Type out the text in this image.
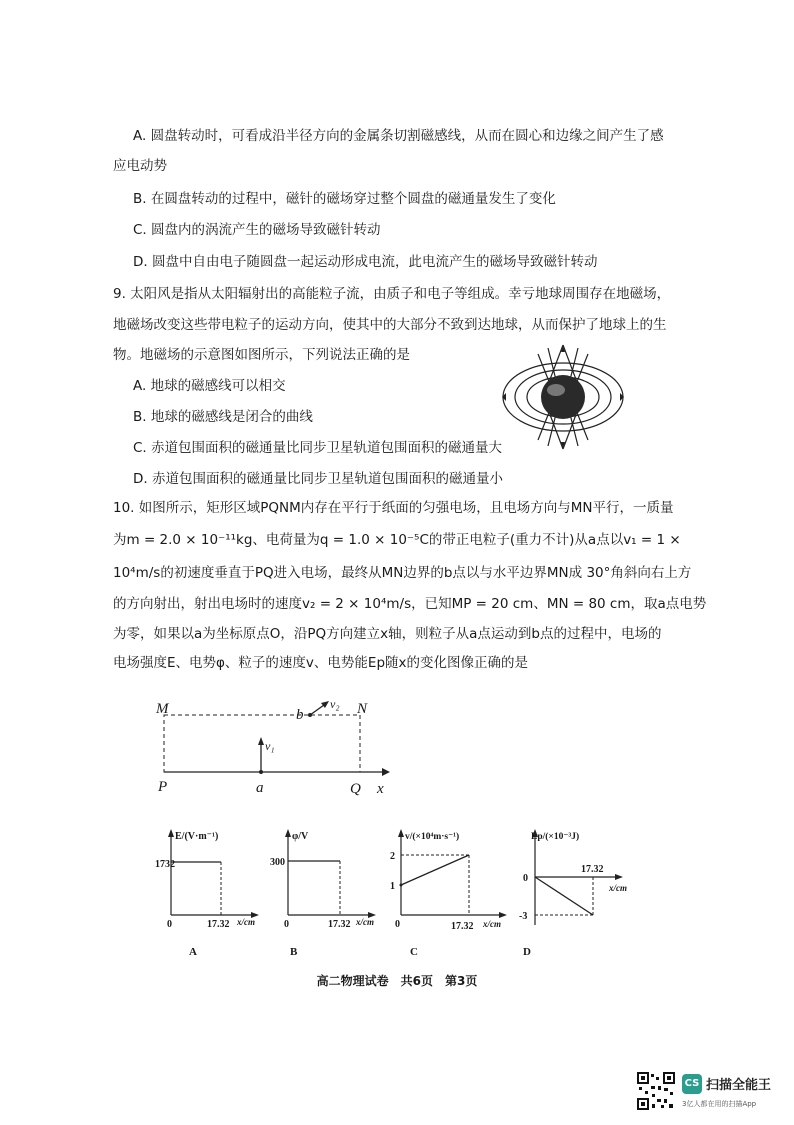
A. 圆盘转动时，可看成沿半径方向的金属条切割磁感线，从而在圆心和边缘之间产生了感
应电动势
B. 在圆盘转动的过程中，磁针的磁场穿过整个圆盘的磁通量发生了变化
C. 圆盘内的涡流产生的磁场导致磁针转动
D. 圆盘中自由电子随圆盘一起运动形成电流，此电流产生的磁场导致磁针转动
9. 太阳风是指从太阳辐射出的高能粒子流，由质子和电子等组成。幸亏地球周围存在地磁场，
地磁场改变这些带电粒子的运动方向，使其中的大部分不致到达地球，从而保护了地球上的生
物。地磁场的示意图如图所示，下列说法正确的是
A. 地球的磁感线可以相交
B. 地球的磁感线是闭合的曲线
C. 赤道包围面积的磁通量比同步卫星轨道包围面积的磁通量大
D. 赤道包围面积的磁通量比同步卫星轨道包围面积的磁通量小
10. 如图所示，矩形区域PQNM内存在平行于纸面的匀强电场，且电场方向与MN平行，一质量
为m = 2.0 × 10⁻¹¹kg、电荷量为q = 1.0 × 10⁻⁵C的带正电粒子(重力不计)从a点以v₁ = 1 ×
10⁴m/s的初速度垂直于PQ进入电场，最终从MN边界的b点以与水平边界MN成 30°角斜向右上方
的方向射出，射出电场时的速度v₂ = 2 × 10⁴m/s，已知MP = 20 cm、MN = 80 cm，取a点电势
为零，如果以a为坐标原点O，沿PQ方向建立x轴，则粒子从a点运动到b点的过程中，电场的
电场强度E、电势φ、粒子的速度v、电势能Ep随x的变化图像正确的是
M	N
P	Q
a
b
x
v₁
v₂
E/(V·m⁻¹)
1732
0	17.32 x/cm
A
φ/V
300
0	17.32 x/cm
B
v/(×10⁴m·s⁻¹)
2
1
0	17.32 x/cm
C
Ep/(×10⁻³J)
0
-3
17.32
x/cm
D
高二物理试卷　共6页　第3页
CS 扫描全能王
3亿人都在用的扫描App
